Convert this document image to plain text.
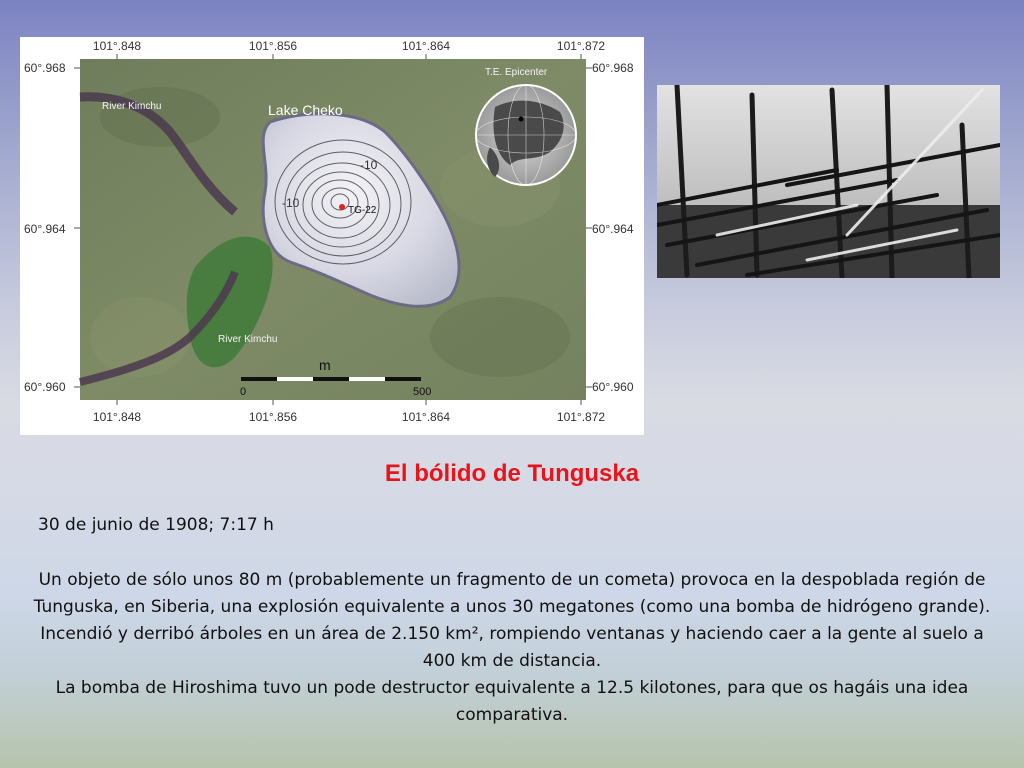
101°.848	101°.856	101°.864	101°.872
101°.848	101°.856	101°.864	101°.872
60°.968
60°.964
60°.960
60°.968
60°.964
60°.960
-10
-10
TG-22
Lake Cheko
River Kimchu
River Kimchu
T.E. Epicenter
m
0	500
El bólido de Tunguska
30 de junio de 1908; 7:17 h

Un objeto de sólo unos 80 m (probablemente un fragmento de un cometa) provoca en la despoblada región de Tunguska, en Siberia, una explosión equivalente a unos 30 megatones (como una bomba de hidrógeno grande). Incendió y derribó árboles en un área de 2.150 km², rompiendo ventanas y haciendo caer a la gente al suelo a 400 km de distancia.

La bomba de Hiroshima tuvo un pode destructor equivalente a 12.5 kilotones, para que os hagáis una idea comparativa.
